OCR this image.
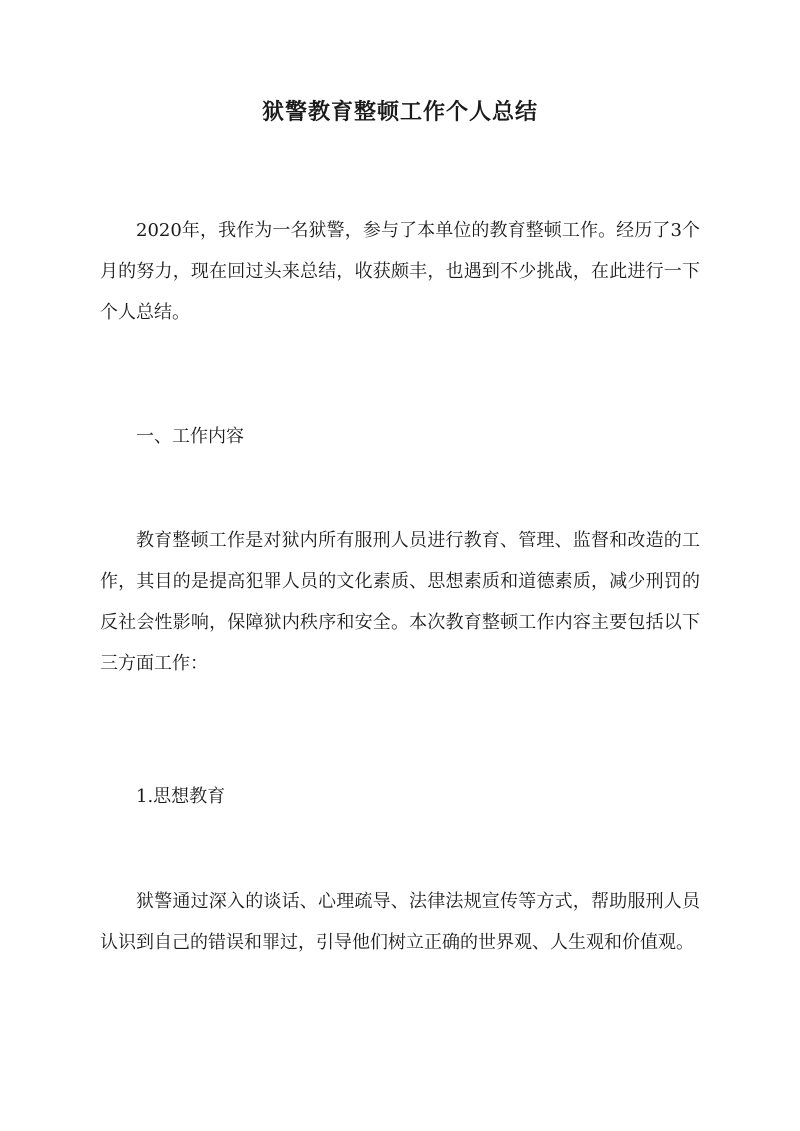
狱警教育整顿工作个人总结

2020年，我作为一名狱警，参与了本单位的教育整顿工作。经历了3个月的努力，现在回过头来总结，收获颇丰，也遇到不少挑战，在此进行一下个人总结。

一、工作内容

教育整顿工作是对狱内所有服刑人员进行教育、管理、监督和改造的工作，其目的是提高犯罪人员的文化素质、思想素质和道德素质，减少刑罚的反社会性影响，保障狱内秩序和安全。本次教育整顿工作内容主要包括以下三方面工作：

1.思想教育

狱警通过深入的谈话、心理疏导、法律法规宣传等方式，帮助服刑人员认识到自己的错误和罪过，引导他们树立正确的世界观、人生观和价值观。
